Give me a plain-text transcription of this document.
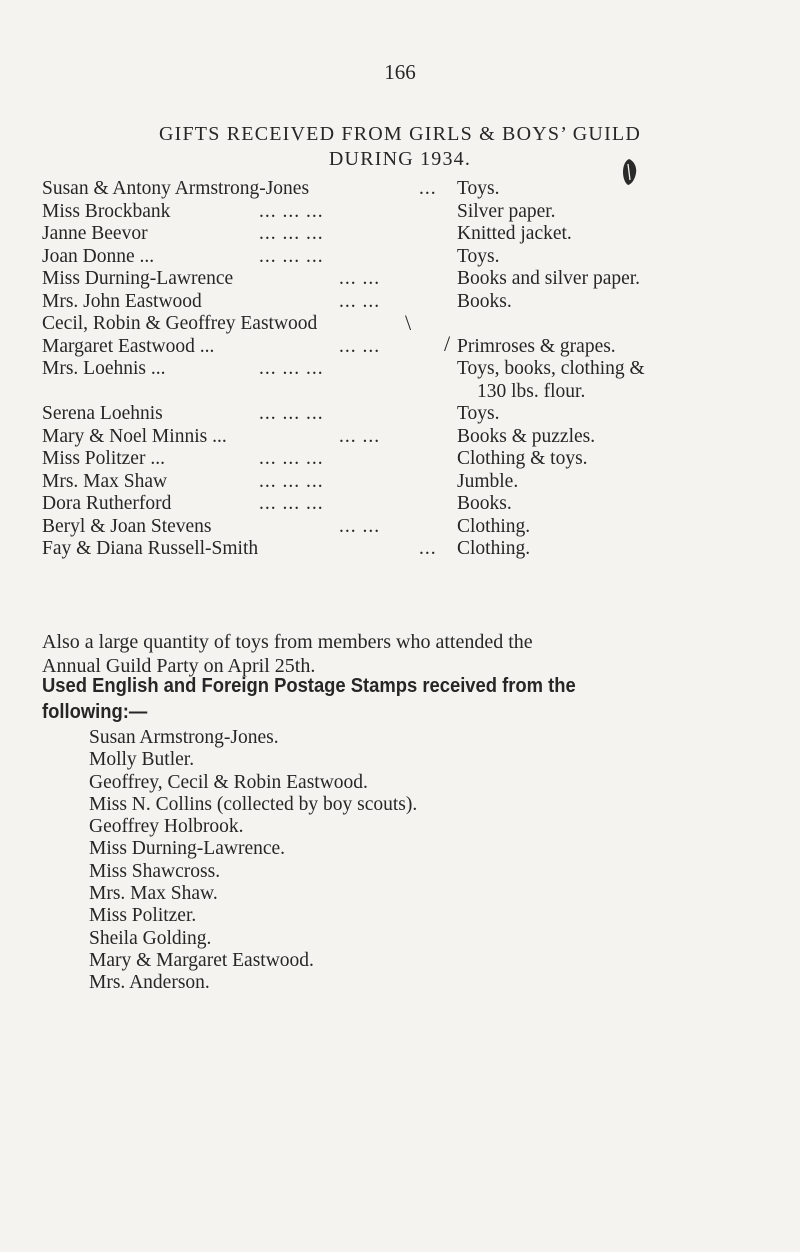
166
GIFTS RECEIVED FROM GIRLS & BOYS’ GUILD
DURING 1934.
Susan & Antony Armstrong-Jones	... Toys.
Miss Brockbank	... ... ...	Silver paper.
Janne Beevor	... ... ...	Knitted jacket.
Joan Donne ...	... ... ...	Toys.
Miss Durning-Lawrence	... ...	Books and silver paper.
Mrs. John Eastwood	... ...	Books.
Cecil, Robin & Geoffrey Eastwood	\
Margaret Eastwood ...	... ...	/ Primroses & grapes.
Mrs. Loehnis ...	... ... ...	Toys, books, clothing &
130 lbs. flour.
Serena Loehnis	... ... ...	Toys.
Mary & Noel Minnis ...	... ...	Books & puzzles.
Miss Politzer ...	... ... ...	Clothing & toys.
Mrs. Max Shaw	... ... ...	Jumble.
Dora Rutherford	... ... ...	Books.
Beryl & Joan Stevens	... ...	Clothing.
Fay & Diana Russell-Smith	... Clothing.
Also a large quantity of toys from members who attended the
Annual Guild Party on April 25th.
Used English and Foreign Postage Stamps received from the
following:—
Susan Armstrong-Jones.
Molly Butler.
Geoffrey, Cecil & Robin Eastwood.
Miss N. Collins (collected by boy scouts).
Geoffrey Holbrook.
Miss Durning-Lawrence.
Miss Shawcross.
Mrs. Max Shaw.
Miss Politzer.
Sheila Golding.
Mary & Margaret Eastwood.
Mrs. Anderson.
